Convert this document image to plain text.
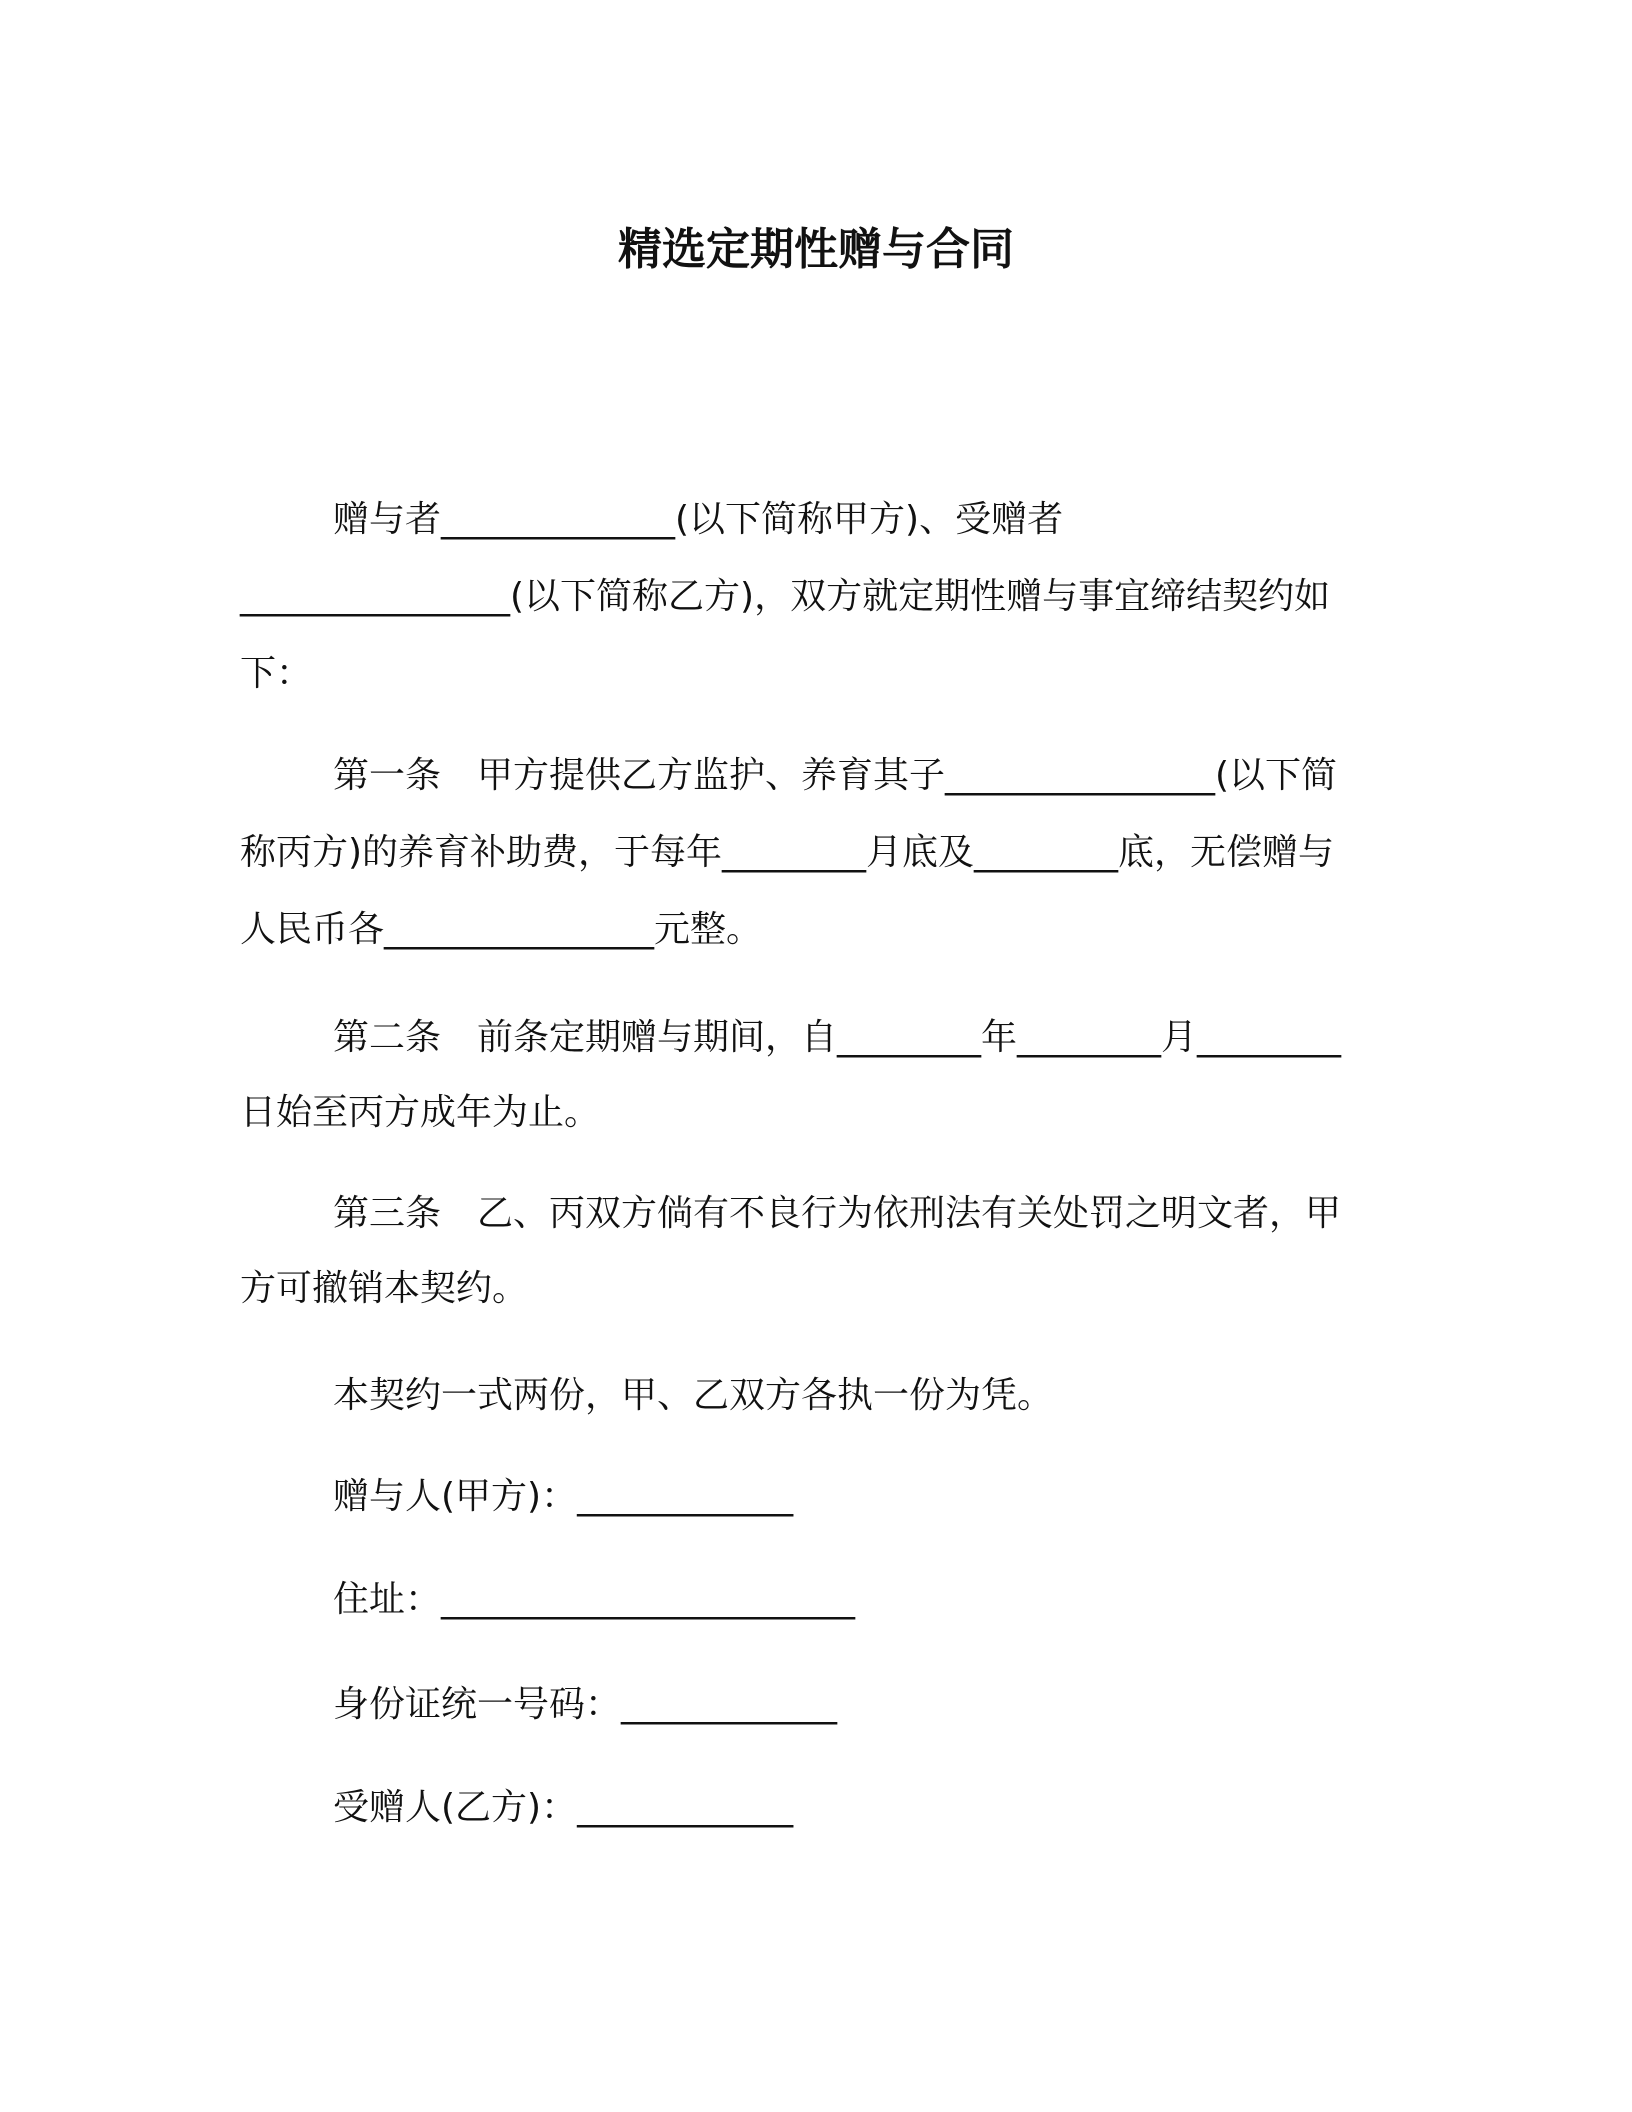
精选定期性赠与合同
赠与者_____________(以下简称甲方)、受赠者
_______________(以下简称乙方)，双方就定期性赠与事宜缔结契约如
下：
第一条　甲方提供乙方监护、养育其子_______________(以下简
称丙方)的养育补助费，于每年________月底及________底，无偿赠与
人民币各_______________元整。
第二条　前条定期赠与期间，自________年________月________
日始至丙方成年为止。
第三条　乙、丙双方倘有不良行为依刑法有关处罚之明文者，甲
方可撤销本契约。
本契约一式两份，甲、乙双方各执一份为凭。
赠与人(甲方)：____________
住址：_______________________
身份证统一号码：____________
受赠人(乙方)：____________
